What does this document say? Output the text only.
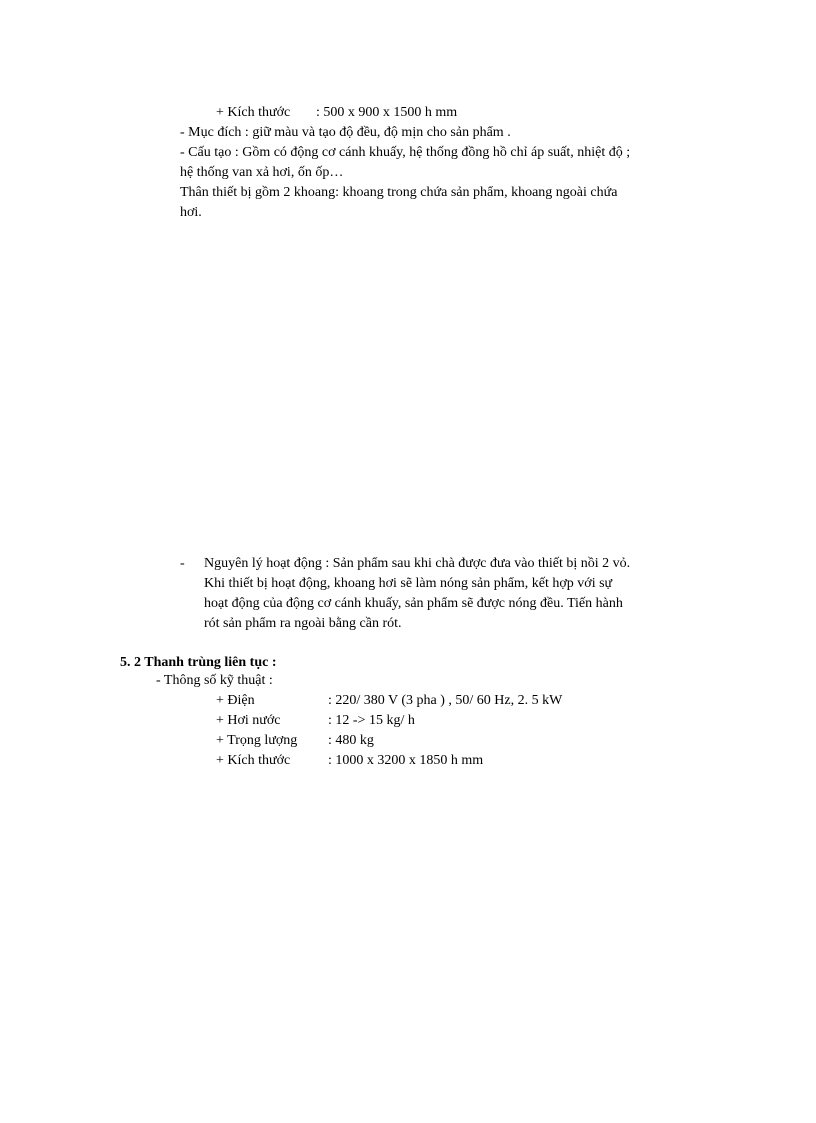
+ Kích thước : 500 x 900 x 1500 h mm
- Mục đích : giữ màu và tạo độ đều, độ mịn cho sản phẩm .
- Cấu tạo : Gồm có động cơ cánh khuấy, hệ thống đồng hồ chỉ áp suất, nhiệt độ ;
hệ thống van xả hơi, ốn ốp…
Thân thiết bị gồm 2 khoang: khoang trong chứa sản phẩm, khoang ngoài chứa
hơi.
- Nguyên lý hoạt động : Sản phẩm sau khi chà được đưa vào thiết bị nồi 2 vỏ.
Khi thiết bị hoạt động, khoang hơi sẽ làm nóng sản phẩm, kết hợp với sự
hoạt động của động cơ cánh khuấy, sản phẩm sẽ được nóng đều. Tiến hành
rót sản phẩm ra ngoài bằng cần rót.
5. 2 Thanh trùng liên tục :
- Thông số kỹ thuật :
+ Điện	: 220/ 380 V (3 pha ) , 50/ 60 Hz, 2. 5 kW
+ Hơi nước	: 12 -> 15 kg/ h
+ Trọng lượng : 480 kg
+ Kích thước	: 1000 x 3200 x 1850 h mm
